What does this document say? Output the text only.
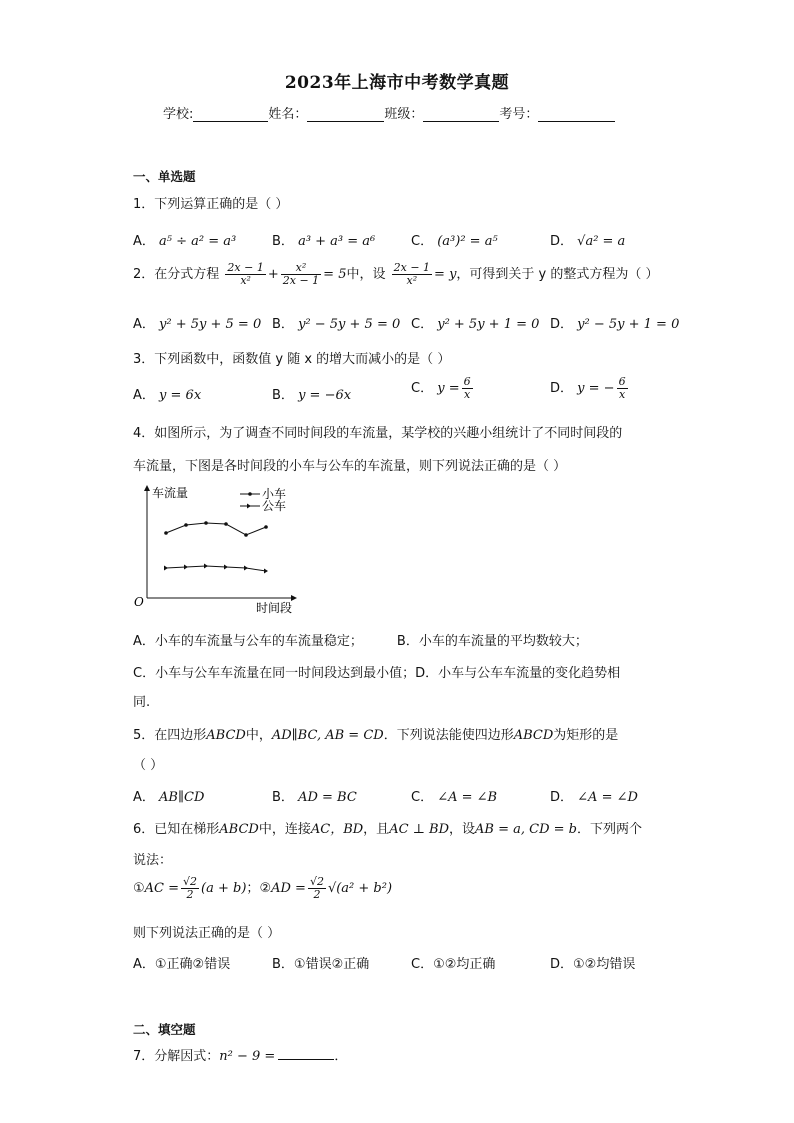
2023年上海市中考数学真题
学校:	姓名：	班级：	考号：
一、单选题
1．下列运算正确的是（ ）
A． a⁵ ÷ a² = a³	B． a³ + a³ = a⁶	C． (a³)² = a⁵	D． √a² = a
2．在分式方程 $\frac{2x - 1}{\text{x²}} + \frac{\text{x²}}{2x - 1} = 5$中，设 $\frac{2x - 1}{\text{x²}} = y$，可得到关于 y 的整式方程为（ ）
A． y² + 5y + 5 = 0 B． y² − 5y + 5 = 0 C． y² + 5y + 1 = 0 D． y² − 5y + 1 = 0
3．下列函数中，函数值 y 随 x 的增大而减小的是（ ）
A． y = 6x	B． y = −6x	C． $y = \frac{6}{x}$	D． y = − $\frac{6}{x}$
4．如图所示，为了调查不同时间段的车流量，某学校的兴趣小组统计了不同时间段的
车流量，下图是各时间段的小车与公车的车流量，则下列说法正确的是（ ）
车流量
时间段
O
小车
公车
A．小车的车流量与公车的车流量稳定；	B．小车的车流量的平均数较大；
C．小车与公车车流量在同一时间段达到最小值；D．小车与公车车流量的变化趋势相
同.
5．在四边形ABCD中，AD∥BC, AB = CD．下列说法能使四边形ABCD为矩形的是
（ ）
A． AB∥CD	B． AD = BC	C． ∠A = ∠B	D． ∠A = ∠D
6．已知在梯形ABCD中，连接AC，BD，且AC ⊥ BD，设AB = a, CD = b．下列两个
说法：
①AC = $\frac{√2}{2} (a + b)$；②AD = $\frac{√2}{2} √(a^2 + b^2)$
则下列说法正确的是（ ）
A．①正确②错误	B．①错误②正确	C．①②均正确	D．①②均错误
二、填空题
7．分解因式：n² − 9 =	．
